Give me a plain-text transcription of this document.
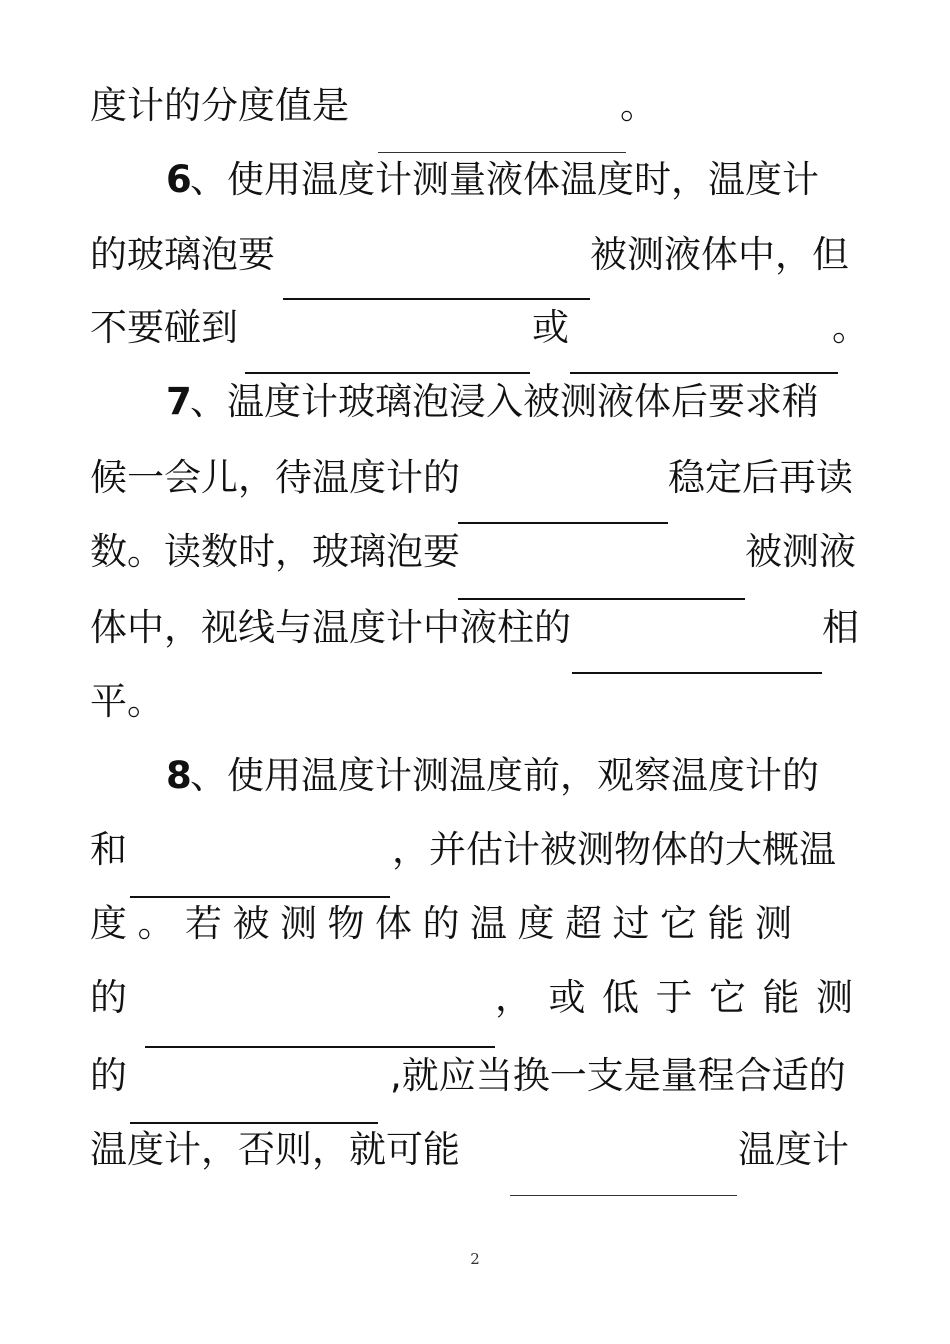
度计的分度值是	。
6
、使用温度计测量液体温度时，温度计
的玻璃泡要	被测液体中，但
不要碰到	或	。
7
、温度计玻璃泡浸入被测液体后要求稍
候一会儿，待温度计的	稳定后再读
数。读数时，玻璃泡要	被测液
体中，视线与温度计中液柱的	相
平。
8
、使用温度计测温度前，观察温度计的
和	，并估计被测物体的大概温
度。若被测物体的温度超过它能测
的	，或低于它能测
的	,就应当换一支是量程合适的
温度计，否则，就可能	温度计
2
